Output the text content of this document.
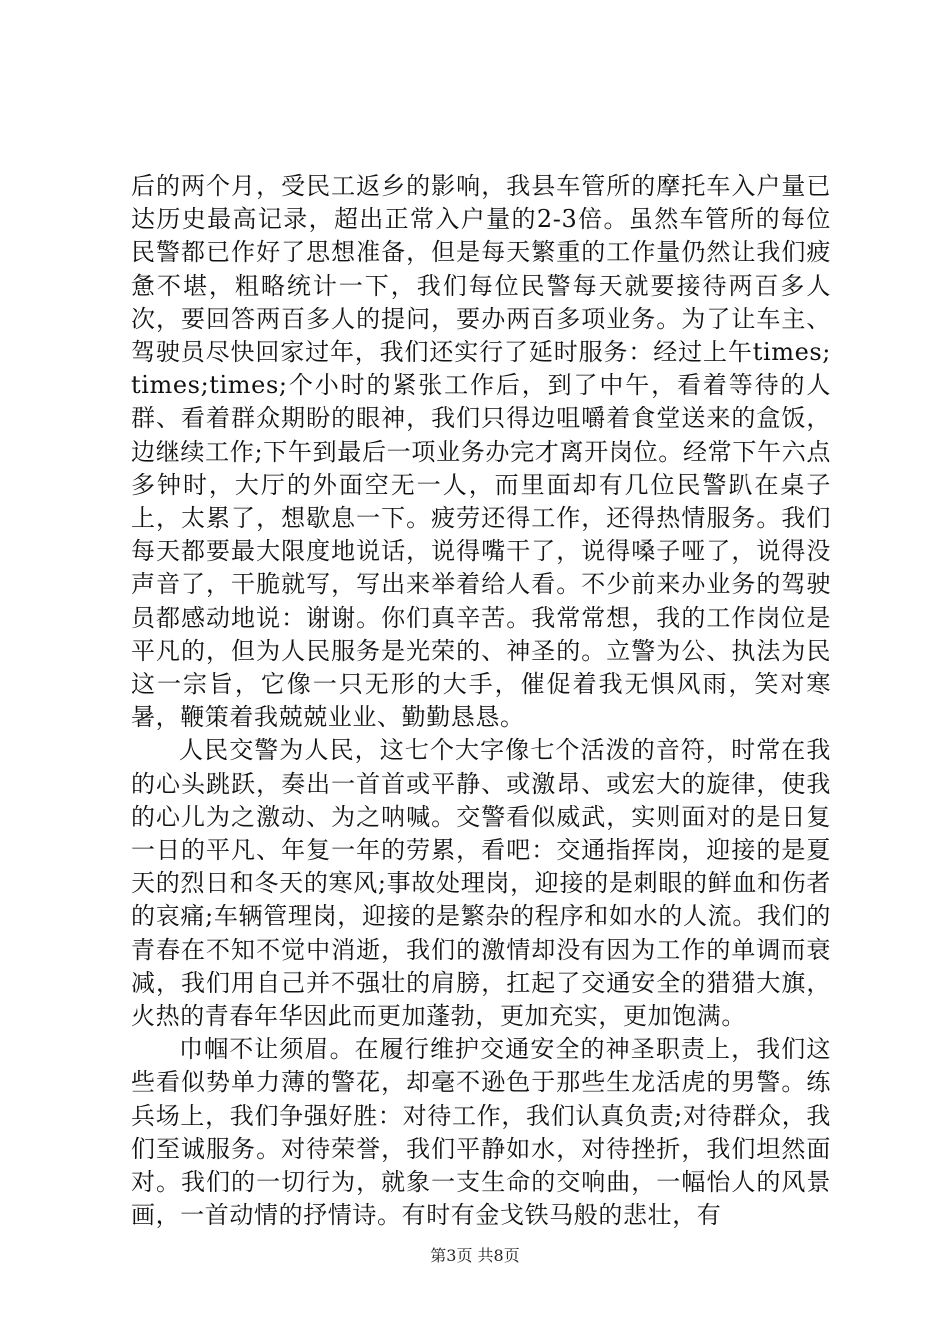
后的两个月，受民工返乡的影响，我县车管所的摩托车入户量已达历史最高记录，超出正常入户量的2-3倍。虽然车管所的每位民警都已作好了思想准备，但是每天繁重的工作量仍然让我们疲惫不堪，粗略统计一下，我们每位民警每天就要接待两百多人次，要回答两百多人的提问，要办两百多项业务。为了让车主、驾驶员尽快回家过年，我们还实行了延时服务：经过上午times;times;times;个小时的紧张工作后，到了中午，看着等待的人群、看着群众期盼的眼神，我们只得边咀嚼着食堂送来的盒饭，边继续工作;下午到最后一项业务办完才离开岗位。经常下午六点多钟时，大厅的外面空无一人，而里面却有几位民警趴在桌子上，太累了，想歇息一下。疲劳还得工作，还得热情服务。我们每天都要最大限度地说话，说得嘴干了，说得嗓子哑了，说得没声音了，干脆就写，写出来举着给人看。不少前来办业务的驾驶员都感动地说：谢谢。你们真辛苦。我常常想，我的工作岗位是平凡的，但为人民服务是光荣的、神圣的。立警为公、执法为民这一宗旨，它像一只无形的大手，催促着我无惧风雨，笑对寒暑，鞭策着我兢兢业业、勤勤恳恳。

人民交警为人民，这七个大字像七个活泼的音符，时常在我的心头跳跃，奏出一首首或平静、或激昂、或宏大的旋律，使我的心儿为之激动、为之呐喊。交警看似威武，实则面对的是日复一日的平凡、年复一年的劳累，看吧：交通指挥岗，迎接的是夏天的烈日和冬天的寒风;事故处理岗，迎接的是刺眼的鲜血和伤者的哀痛;车辆管理岗，迎接的是繁杂的程序和如水的人流。我们的青春在不知不觉中消逝，我们的激情却没有因为工作的单调而衰减，我们用自己并不强壮的肩膀，扛起了交通安全的猎猎大旗，火热的青春年华因此而更加蓬勃，更加充实，更加饱满。

巾帼不让须眉。在履行维护交通安全的神圣职责上，我们这些看似势单力薄的警花，却毫不逊色于那些生龙活虎的男警。练兵场上，我们争强好胜：对待工作，我们认真负责;对待群众，我们至诚服务。对待荣誉，我们平静如水，对待挫折，我们坦然面对。我们的一切行为，就象一支生命的交响曲，一幅怡人的风景画，一首动情的抒情诗。有时有金戈铁马般的悲壮，有

第3页 共8页
